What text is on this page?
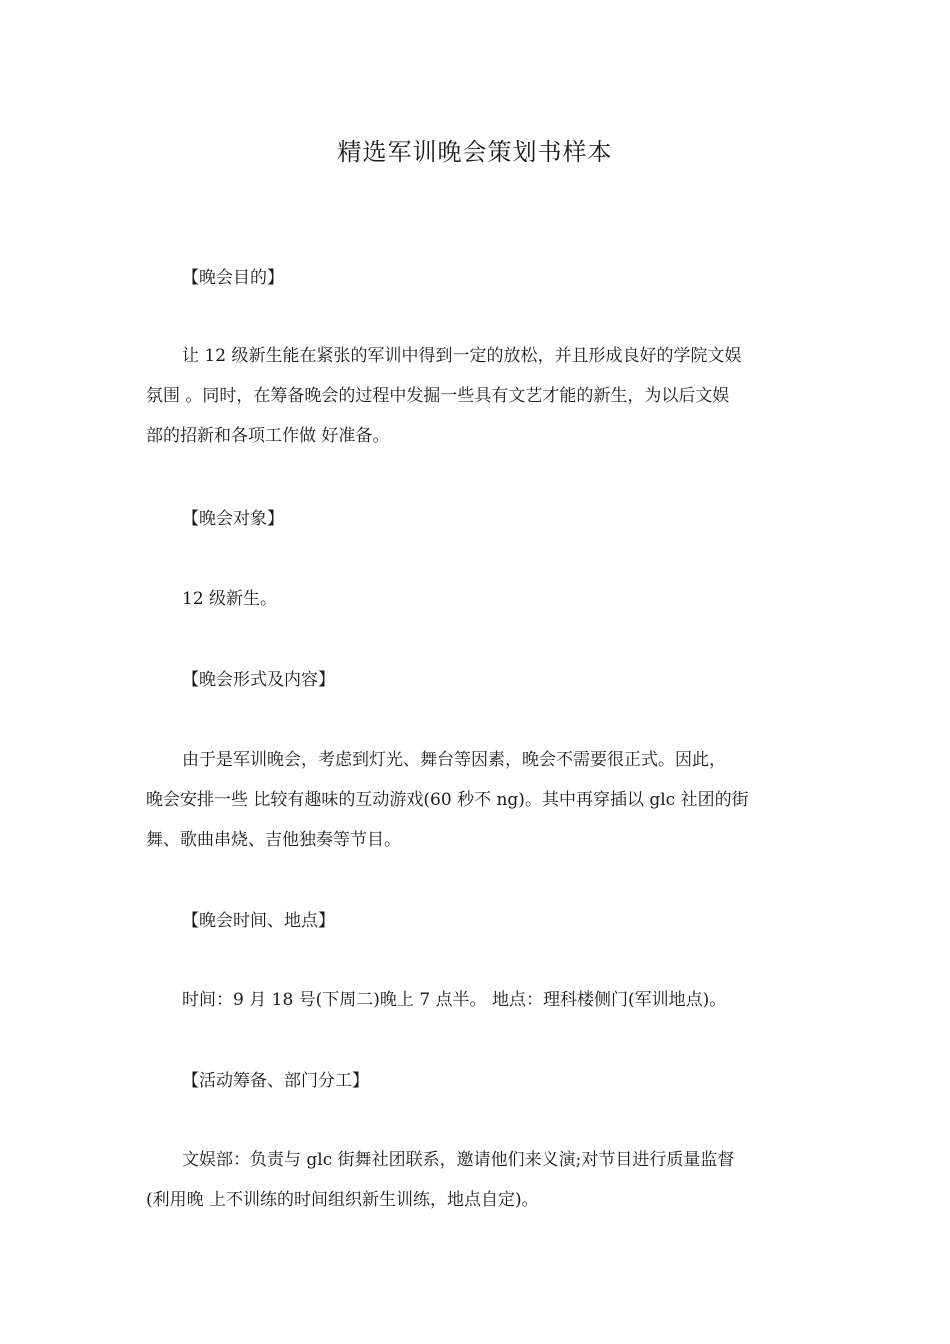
精选军训晚会策划书样本
【晚会目的】
让 12 级新生能在紧张的军训中得到一定的放松，并且形成良好的学院文娱
氛围 。同时，在筹备晚会的过程中发掘一些具有文艺才能的新生，为以后文娱
部的招新和各项工作做 好准备。
【晚会对象】
12 级新生。
【晚会形式及内容】
由于是军训晚会，考虑到灯光、舞台等因素，晚会不需要很正式。因此，
晚会安排一些 比较有趣味的互动游戏(60 秒不 ng)。其中再穿插以 glc 社团的街
舞、歌曲串烧、吉他独奏等节目。
【晚会时间、地点】
时间：9 月 18 号(下周二)晚上 7 点半。 地点：理科楼侧门(军训地点)。
【活动筹备、部门分工】
文娱部：负责与 glc 街舞社团联系，邀请他们来义演;对节目进行质量监督
(利用晚 上不训练的时间组织新生训练，地点自定)。
